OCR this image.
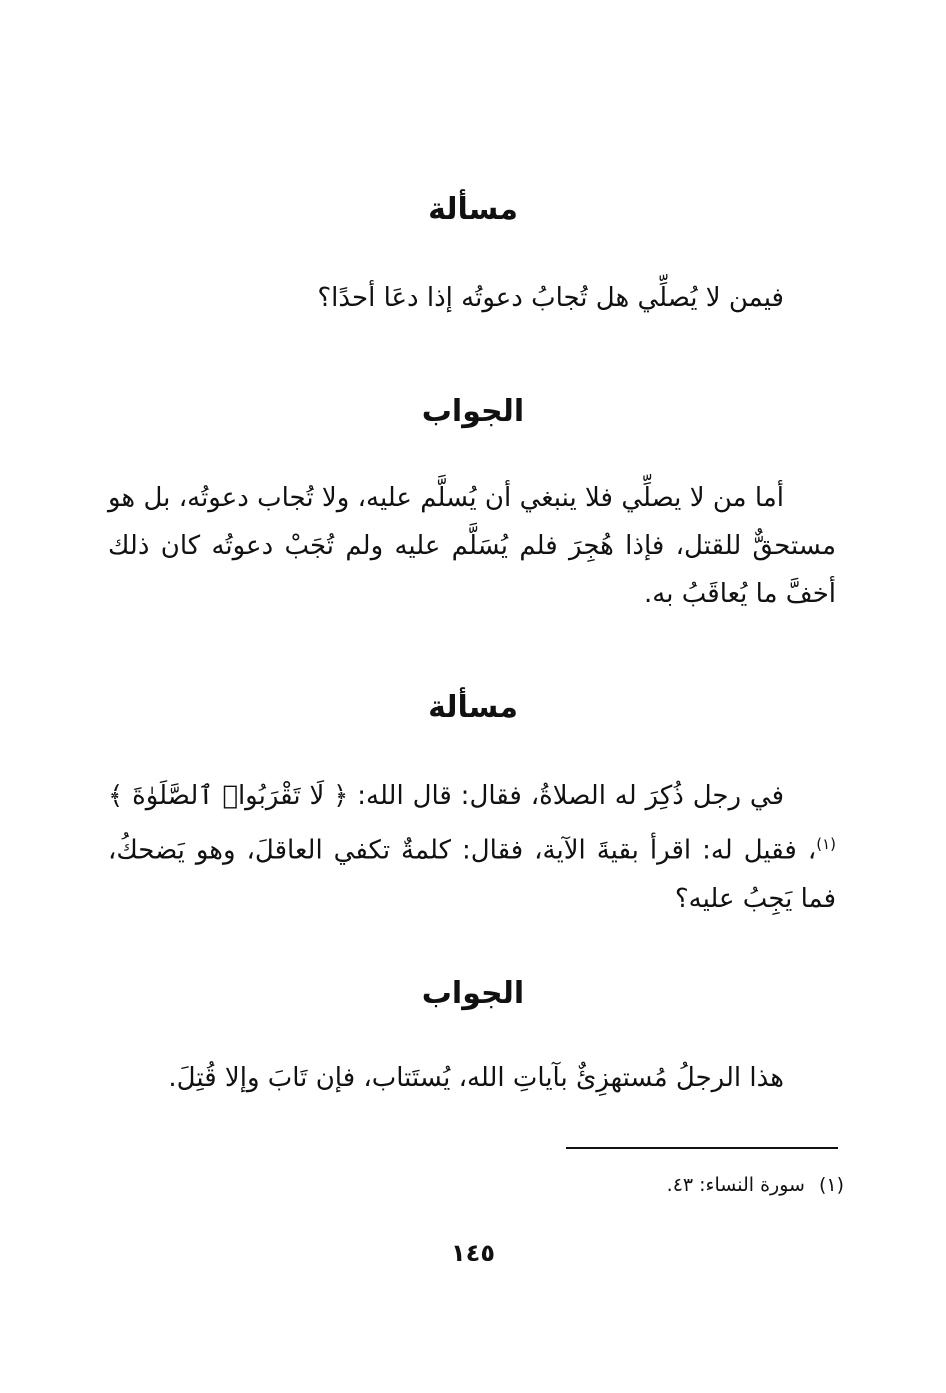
مسألة
فيمن لا يُصلِّي هل تُجابُ دعوتُه إذا دعَا أحدًا؟
الجواب
أما من لا يصلِّي فلا ينبغي أن يُسلَّم عليه، ولا تُجاب دعوتُه، بل هو مستحقٌّ للقتل، فإذا هُجِرَ فلم يُسَلَّم عليه ولم تُجَبْ دعوتُه كان ذلك أخفَّ ما يُعاقَبُ به.
مسألة
في رجل ذُكِرَ له الصلاةُ، فقال: قال الله: ﴿ لَا تَقْرَبُوا۟ ٱلصَّلَوٰةَ ﴾$^{(١)}$، فقيل له: اقرأ بقيةَ الآية، فقال: كلمةٌ تكفي العاقلَ، وهو يَضحكُ، فما يَجِبُ عليه؟
الجواب
هذا الرجلُ مُستهزِئٌ بآياتِ الله، يُستَتاب، فإن تَابَ وإلا قُتِلَ.
(١)سورة النساء: ٤٣.
١٤٥
